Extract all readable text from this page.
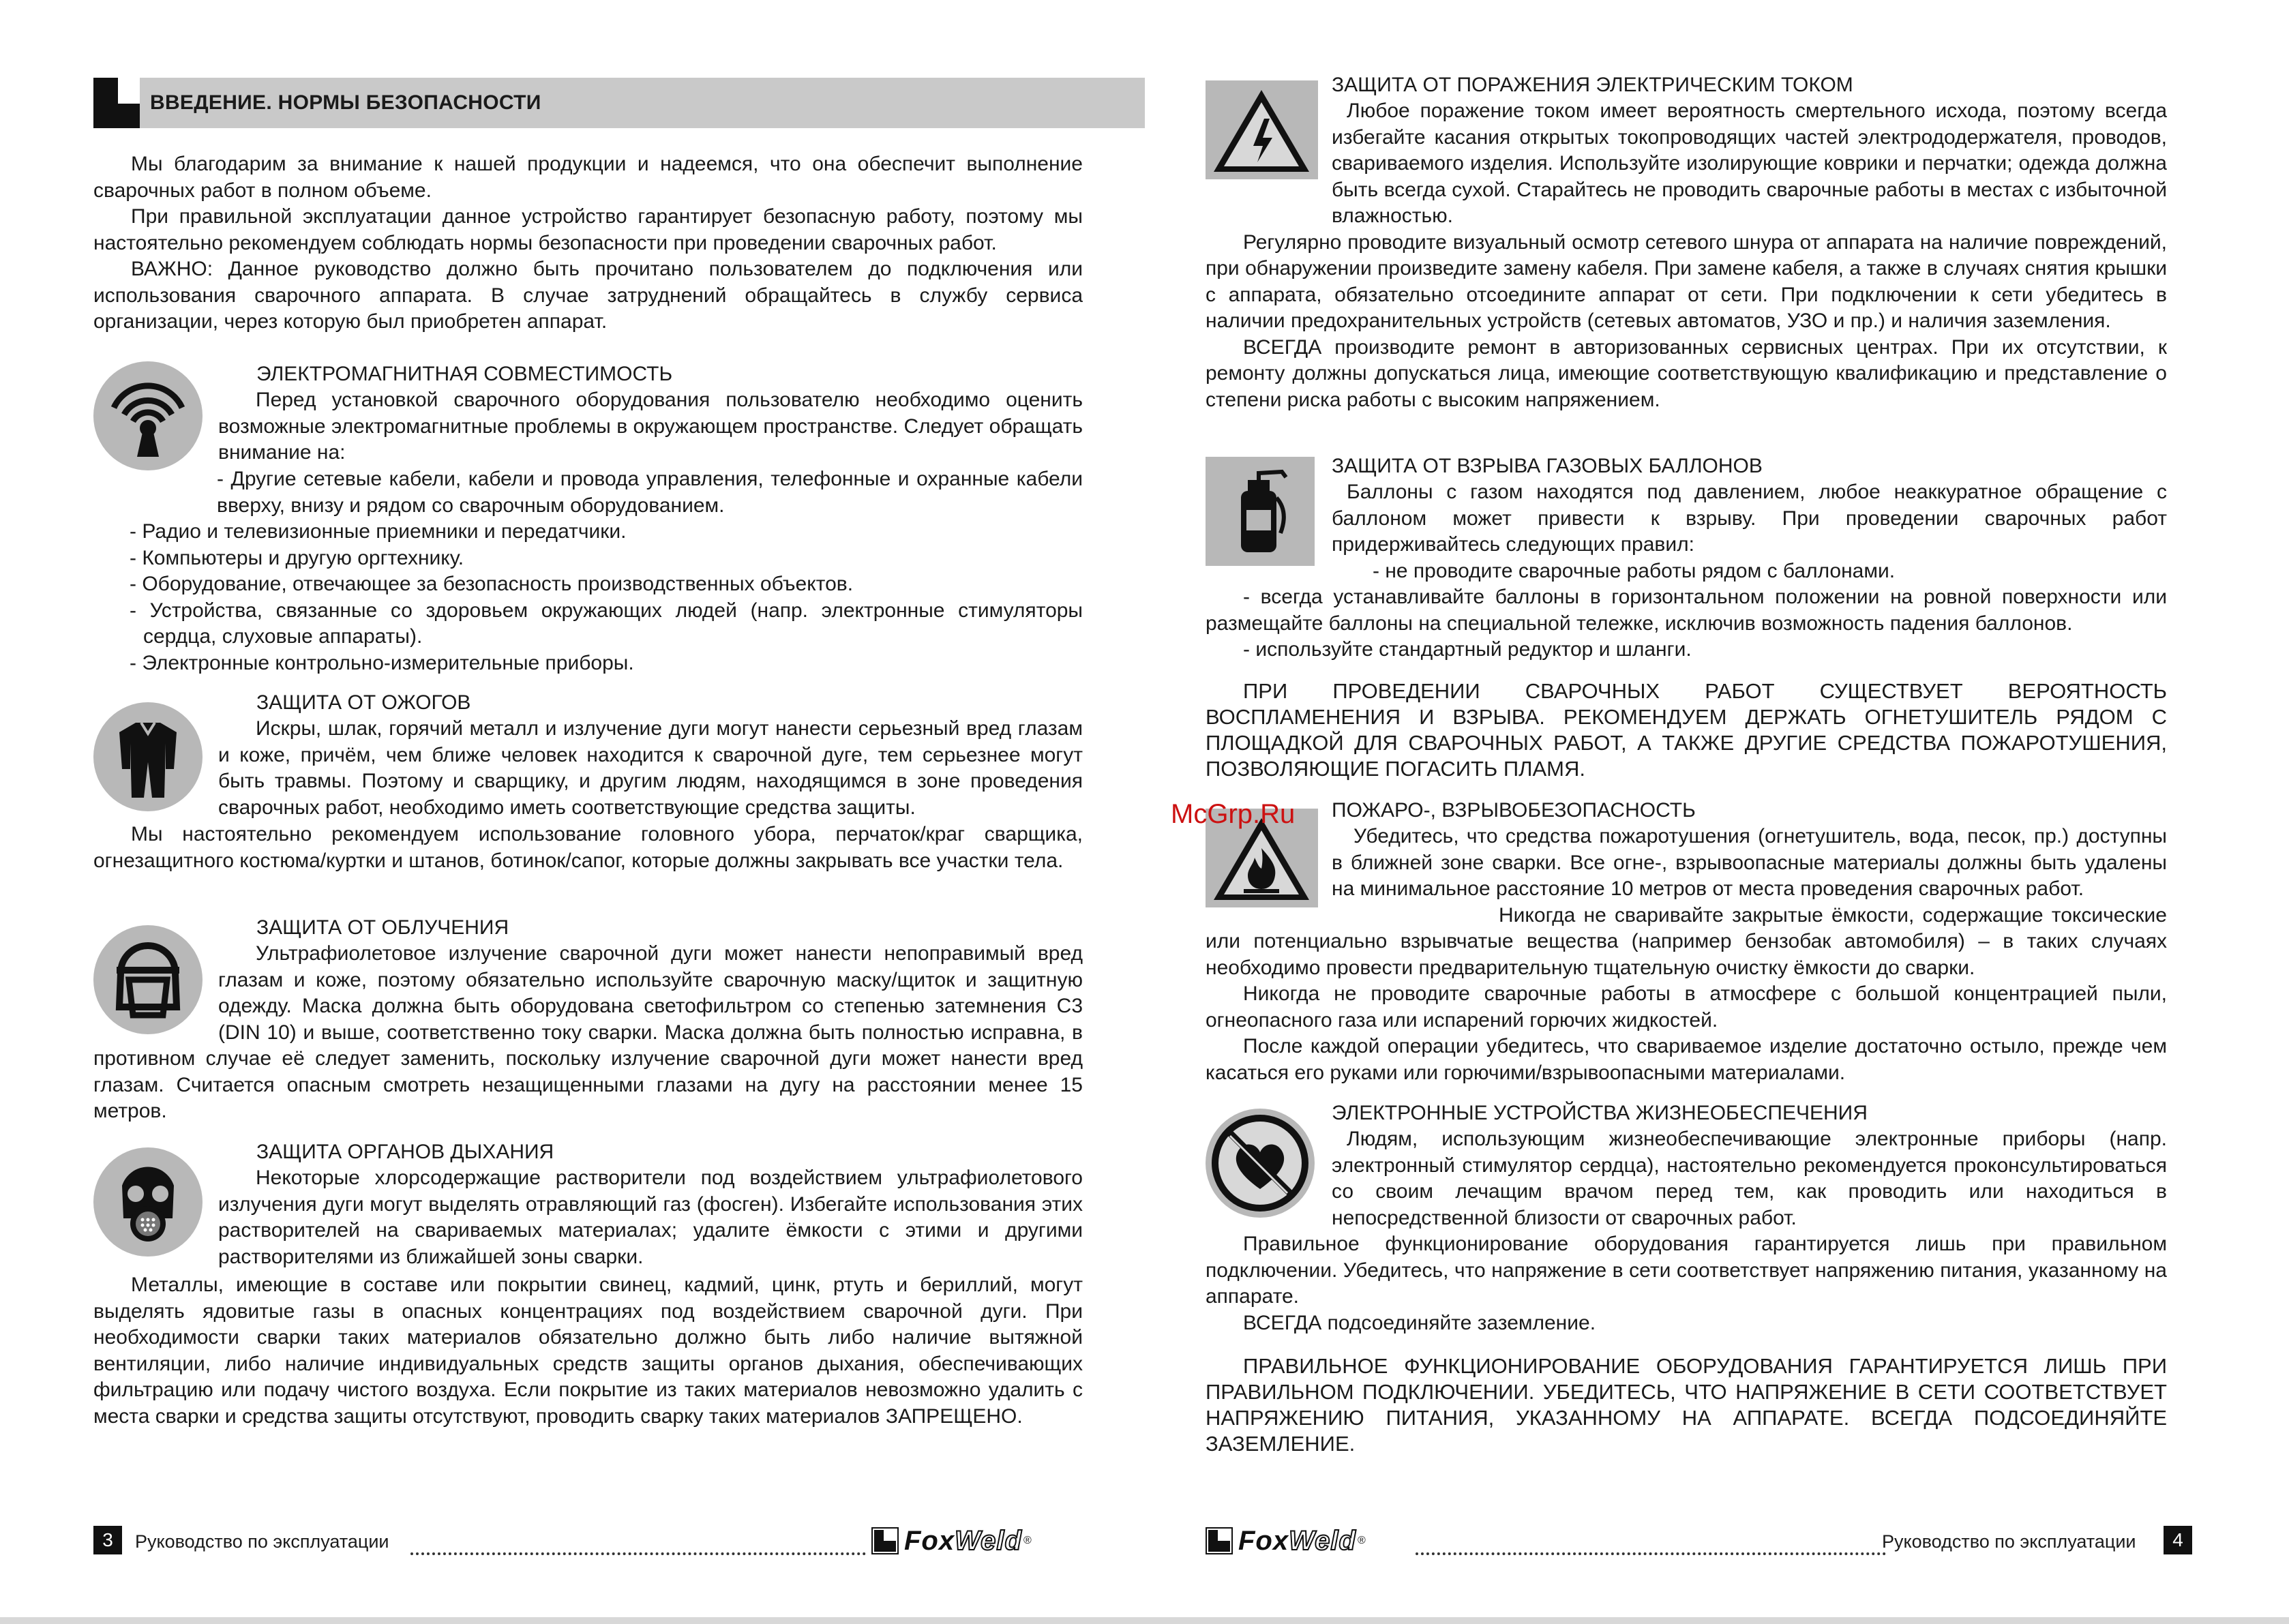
ВВЕДЕНИЕ. НОРМЫ БЕЗОПАСНОСТИ

Мы благодарим за внимание к нашей продукции и надеемся, что она обеспечит выполнение сварочных работ в полном объеме.

При правильной эксплуатации данное устройство гарантирует безопасную работу, поэтому мы настоятельно рекомендуем соблюдать нормы безопасности при проведении сварочных работ.

ВАЖНО: Данное руководство должно быть прочитано пользователем до подключения или использования сварочного аппарата. В случае затруднений обращайтесь в службу сервиса организации, через которую был приобретен аппарат.

ЭЛЕКТРОМАГНИТНАЯ СОВМЕСТИМОСТЬ

Перед установкой сварочного оборудования пользователю необходимо оценить возможные электромагнитные проблемы в окружающем пространстве. Следует обращать внимание на:

- Другие сетевые кабели, кабели и провода управления, телефонные и охранные кабели вверху, внизу и рядом со сварочным оборудованием.

- Радио и телевизионные приемники и передатчики.

- Компьютеры и другую оргтехнику.

- Оборудование, отвечающее за безопасность производственных объектов.

- Устройства, связанные со здоровьем окружающих людей (напр. электронные стимуляторы сердца, слуховые аппараты).

- Электронные контрольно-измерительные приборы.

ЗАЩИТА ОТ ОЖОГОВ

Искры, шлак, горячий металл и излучение дуги могут нанести серьезный вред глазам и коже, причём, чем ближе человек находится к сварочной дуге, тем серьезнее могут быть травмы. Поэтому и сварщику, и другим людям, находящимся в зоне проведения сварочных работ, необходимо иметь соответствующие средства защиты.

Мы настоятельно рекомендуем использование головного убора, перчаток/краг сварщика, огнезащитного костюма/куртки и штанов, ботинок/сапог, которые должны закрывать все участки тела.

ЗАЩИТА ОТ ОБЛУЧЕНИЯ

Ультрафиолетовое излучение сварочной дуги может нанести непоправимый вред глазам и коже, поэтому обязательно используйте сварочную маску/щиток и защитную одежду. Маска должна быть оборудована светофильтром со степенью затемнения С3 (DIN 10) и выше, соответственно току сварки. Маска должна быть полностью исправна, в противном случае её следует заменить, поскольку излучение сварочной дуги может нанести вред глазам. Считается опасным смотреть незащищенными глазами на дугу на расстоянии менее 15 метров.

ЗАЩИТА ОРГАНОВ ДЫХАНИЯ

Некоторые хлорсодержащие растворители под воздействием ультрафиолетового излучения дуги могут выделять отравляющий газ (фосген). Избегайте использования этих растворителей на свариваемых материалах; удалите ёмкости с этими и другими растворителями из ближайшей зоны сварки.

Металлы, имеющие в составе или покрытии свинец, кадмий, цинк, ртуть и бериллий, могут выделять ядовитые газы в опасных концентрациях под воздействием сварочной дуги. При необходимости сварки таких материалов обязательно должно быть либо наличие вытяжной вентиляции, либо наличие индивидуальных средств защиты органов дыхания, обеспечивающих фильтрацию или подачу чистого воздуха. Если покрытие из таких материалов невозможно удалить с места сварки и средства защиты отсутствуют, проводить сварку таких материалов ЗАПРЕЩЕНО.

3	Руководство по эксплуатации	FoxWeld ®
ЗАЩИТА ОТ ПОРАЖЕНИЯ ЭЛЕКТРИЧЕСКИМ ТОКОМ

Любое поражение током имеет вероятность смертельного исхода, поэтому всегда избегайте касания открытых токопроводящих частей электрододержателя, проводов, свариваемого изделия. Используйте изолирующие коврики и перчатки; одежда должна быть всегда сухой. Старайтесь не проводить сварочные работы в местах с избыточной влажностью.

Регулярно проводите визуальный осмотр сетевого шнура от аппарата на наличие повреждений, при обнаружении произведите замену кабеля. При замене кабеля, а также в случаях снятия крышки с аппарата, обязательно отсоедините аппарат от сети. При подключении к сети убедитесь в наличии предохранительных устройств (сетевых автоматов, УЗО и пр.) и наличия заземления.

ВСЕГДА производите ремонт в авторизованных сервисных центрах. При их отсутствии, к ремонту должны допускаться лица, имеющие соответствующую квалификацию и представление о степени риска работы с высоким напряжением.

ЗАЩИТА ОТ ВЗРЫВА ГАЗОВЫХ БАЛЛОНОВ

Баллоны с газом находятся под давлением, любое неаккуратное обращение с баллоном может привести к взрыву. При проведении сварочных работ придерживайтесь следующих правил:

- не проводите сварочные работы рядом с баллонами.

- всегда устанавливайте баллоны в горизонтальном положении на ровной поверхности или размещайте баллоны на специальной тележке, исключив возможность падения баллонов.

- используйте стандартный редуктор и шланги.

ПРИ ПРОВЕДЕНИИ СВАРОЧНЫХ РАБОТ СУЩЕСТВУЕТ ВЕРОЯТНОСТЬ ВОСПЛАМЕНЕНИЯ И ВЗРЫВА. РЕКОМЕНДУЕМ ДЕРЖАТЬ ОГНЕТУШИТЕЛЬ РЯДОМ С ПЛОЩАДКОЙ ДЛЯ СВАРОЧНЫХ РАБОТ, А ТАКЖЕ ДРУГИЕ СРЕДСТВА ПОЖАРОТУШЕНИЯ, ПОЗВОЛЯЮЩИЕ ПОГАСИТЬ ПЛАМЯ.

ПОЖАРО-, ВЗРЫВОБЕЗОПАСНОСТЬ

Убедитесь, что средства пожаротушения (огнетушитель, вода, песок, пр.) доступны в ближней зоне сварки. Все огне-, взрывоопасные материалы должны быть удалены на минимальное расстояние 10 метров от места проведения сварочных работ.

Никогда не сваривайте закрытые ёмкости, содержащие токсические или потенциально взрывчатые вещества (например бензобак автомобиля) – в таких случаях необходимо провести предварительную тщательную очистку ёмкости до сварки.

Никогда не проводите сварочные работы в атмосфере с большой концентрацией пыли, огнеопасного газа или испарений горючих жидкостей.

После каждой операции убедитесь, что свариваемое изделие достаточно остыло, прежде чем касаться его руками или горючими/взрывоопасными материалами.

ЭЛЕКТРОННЫЕ УСТРОЙСТВА ЖИЗНЕОБЕСПЕЧЕНИЯ

Людям, использующим жизнеобеспечивающие электронные приборы (напр. электронный стимулятор сердца), настоятельно рекомендуется проконсультироваться со своим лечащим врачом перед тем, как проводить или находиться в непосредственной близости от сварочных работ.

Правильное функционирование оборудования гарантируется лишь при правильном подключении. Убедитесь, что напряжение в сети соответствует напряжению питания, указанному на аппарате.

ВСЕГДА подсоединяйте заземление.

ПРАВИЛЬНОЕ ФУНКЦИОНИРОВАНИЕ ОБОРУДОВАНИЯ ГАРАНТИРУЕТСЯ ЛИШЬ ПРИ ПРАВИЛЬНОМ ПОДКЛЮЧЕНИИ. УБЕДИТЕСЬ, ЧТО НАПРЯЖЕНИЕ В СЕТИ СООТВЕТСТВУЕТ НАПРЯЖЕНИЮ ПИТАНИЯ, УКАЗАННОМУ НА АППАРАТЕ. ВСЕГДА ПОДСОЕДИНЯЙТЕ ЗАЗЕМЛЕНИЕ.

FoxWeld ®	Руководство по эксплуатации	4
McGrp.Ru
